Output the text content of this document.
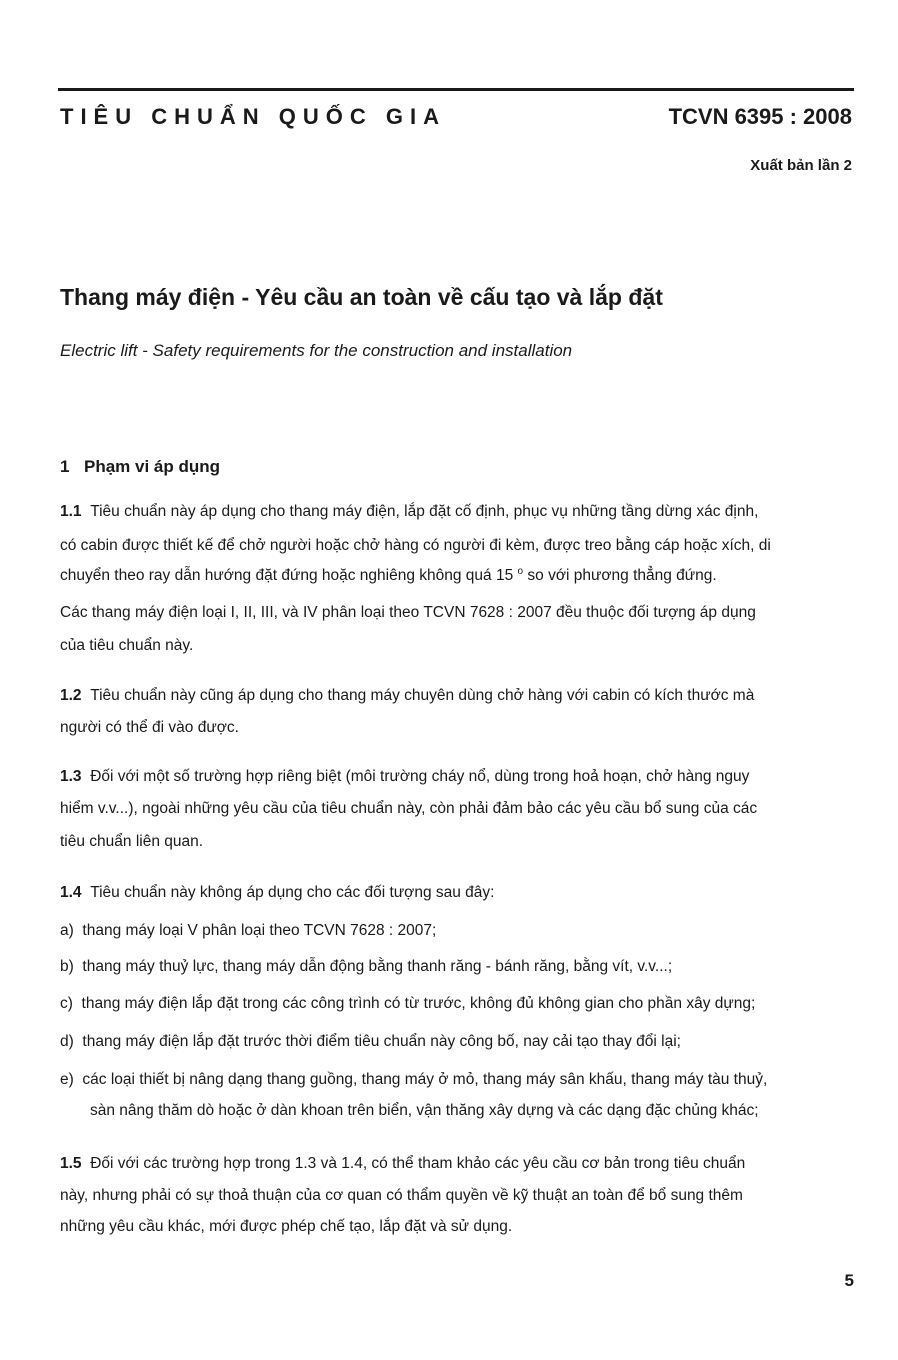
TIÊU CHUẨN QUỐC GIA	TCVN 6395 : 2008
Xuất bản lần 2
Thang máy điện - Yêu cầu an toàn về cấu tạo và lắp đặt
Electric lift - Safety requirements for the construction and installation
1 Phạm vi áp dụng
1.1 Tiêu chuẩn này áp dụng cho thang máy điện, lắp đặt cố định, phục vụ những tầng dừng xác định,
có cabin được thiết kế để chở người hoặc chở hàng có người đi kèm, được treo bằng cáp hoặc xích, di
chuyển theo ray dẫn hướng đặt đứng hoặc nghiêng không quá 15 $^o$ so với phương thẳng đứng.
Các thang máy điện loại I, II, III, và IV phân loại theo TCVN 7628 : 2007 đều thuộc đối tượng áp dụng
của tiêu chuẩn này.
1.2 Tiêu chuẩn này cũng áp dụng cho thang máy chuyên dùng chở hàng với cabin có kích thước mà
người có thể đi vào được.
1.3 Đối với một số trường hợp riêng biệt (môi trường cháy nổ, dùng trong hoả hoạn, chở hàng nguy
hiểm v.v...), ngoài những yêu cầu của tiêu chuẩn này, còn phải đảm bảo các yêu cầu bổ sung của các
tiêu chuẩn liên quan.
1.4 Tiêu chuẩn này không áp dụng cho các đối tượng sau đây:
a) thang máy loại V phân loại theo TCVN 7628 : 2007;
b) thang máy thuỷ lực, thang máy dẫn động bằng thanh răng - bánh răng, bằng vít, v.v...;
c) thang máy điện lắp đặt trong các công trình có từ trước, không đủ không gian cho phần xây dựng;
d) thang máy điện lắp đặt trước thời điểm tiêu chuẩn này công bố, nay cải tạo thay đổi lại;
e) các loại thiết bị nâng dạng thang guồng, thang máy ở mỏ, thang máy sân khấu, thang máy tàu thuỷ,
sàn nâng thăm dò hoặc ở dàn khoan trên biển, vận thăng xây dựng và các dạng đặc chủng khác;
1.5 Đối với các trường hợp trong 1.3 và 1.4, có thể tham khảo các yêu cầu cơ bản trong tiêu chuẩn
này, nhưng phải có sự thoả thuận của cơ quan có thẩm quyền về kỹ thuật an toàn để bổ sung thêm
những yêu cầu khác, mới được phép chế tạo, lắp đặt và sử dụng.
5
